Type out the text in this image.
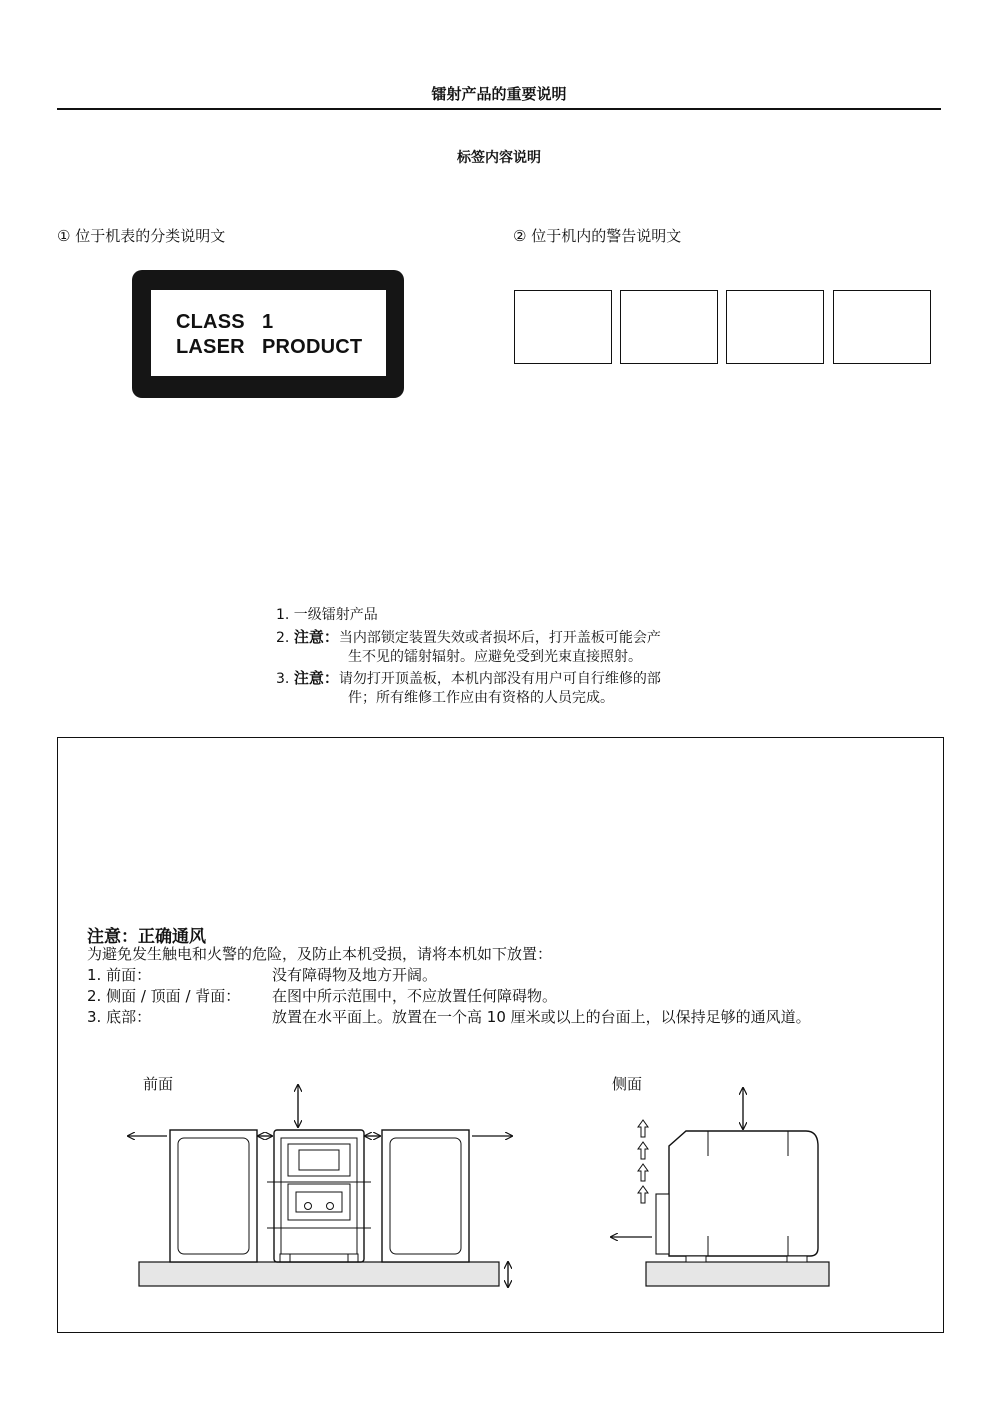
镭射产品的重要说明
标签内容说明
① 位于机表的分类说明文	② 位于机内的警告说明文
CLASS 1
LASER PRODUCT
1. 一级镭射产品
2. 注意：当内部锁定装置失效或者损坏后，打开盖板可能会产
生不见的镭射辐射。应避免受到光束直接照射。
3. 注意：请勿打开顶盖板，本机内部没有用户可自行维修的部
件；所有维修工作应由有资格的人员完成。
注意：正确通风
为避免发生触电和火警的危险，及防止本机受损，请将本机如下放置：
1. 前面：	没有障碍物及地方开阔。
2. 侧面 / 顶面 / 背面： 在图中所示范围中，不应放置任何障碍物。
3. 底部：	放置在水平面上。放置在一个高 10 厘米或以上的台面上，以保持足够的通风道。
前面	侧面
